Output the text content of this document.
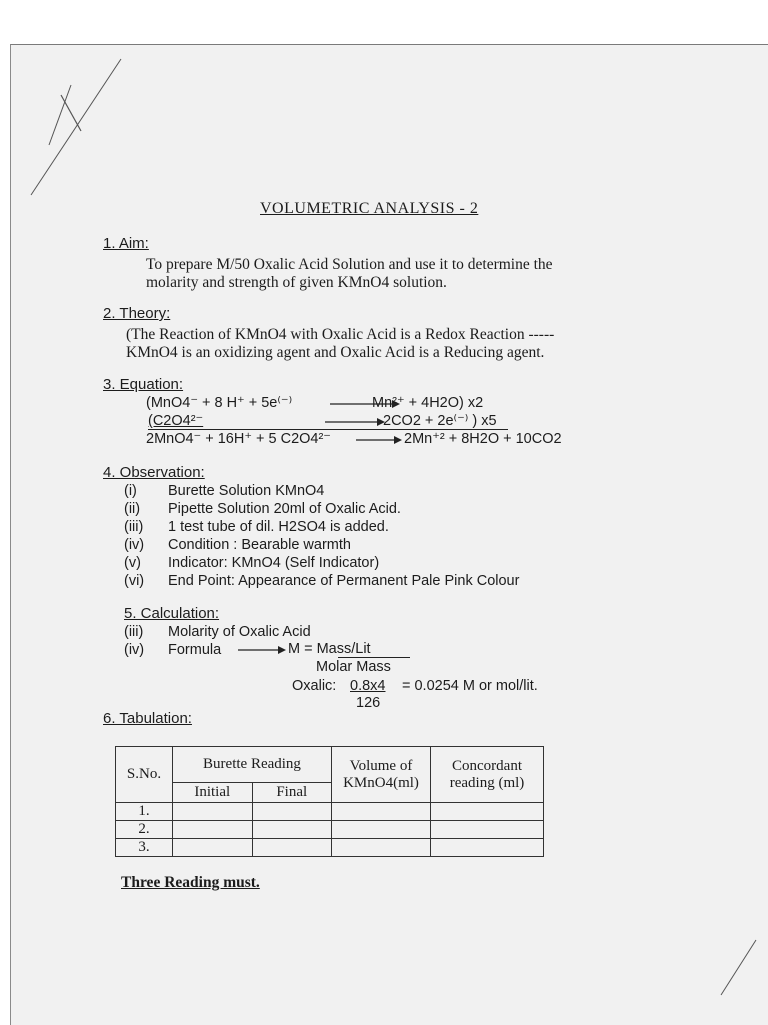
VOLUMETRIC ANALYSIS - 2
1. Aim:
To prepare M/50 Oxalic Acid Solution and use it to determine the
molarity and strength of given KMnO4 solution.
2. Theory:
(The Reaction of KMnO4 with Oxalic Acid is a Redox Reaction -----
KMnO4 is an oxidizing agent and Oxalic Acid is a Reducing agent.
3. Equation:
(MnO4⁻ + 8 H⁺ + 5e⁽⁻⁾	Mn²⁺ + 4H2O) x2
(C2O4²⁻	2CO2 + 2e⁽⁻⁾ ) x5
2MnO4⁻ + 16H⁺ + 5 C2O4²⁻	2Mn⁺² + 8H2O + 10CO2
4. Observation:
(i) Burette Solution KMnO4
(ii) Pipette Solution 20ml of Oxalic Acid.
(iii) 1 test tube of dil. H2SO4 is added.
(iv) Condition : Bearable warmth
(v) Indicator: KMnO4 (Self Indicator)
(vi) End Point: Appearance of Permanent Pale Pink Colour
5. Calculation:
(iii) Molarity of Oxalic Acid
(iv) Formula	M = Mass/Lit
Molar Mass
Oxalic: 0.8x4 = 0.0254 M or mol/lit.
126
6. Tabulation:
S.No.	Burette Reading		Volume of KMnO4(ml)	Concordant reading (ml)
	Initial	Final		
1.				
2.				
3.				
Three Reading must.
